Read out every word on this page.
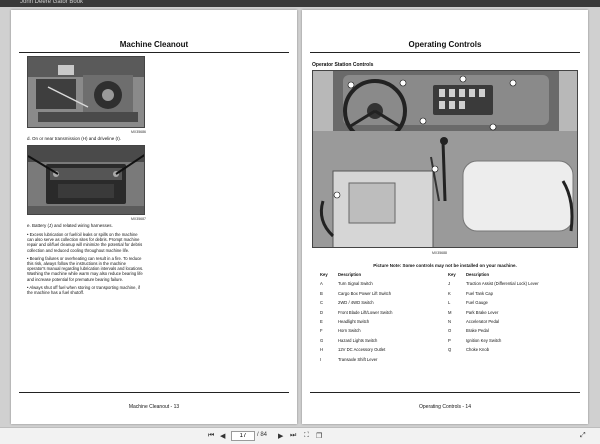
John Deere Gator Book
Machine Cleanout
MX35686
d. On or near transmission (H) and driveline (I).
MX35687
e. Battery (J) and related wiring harnesses.

• Excess lubrication or fuel/oil leaks or spills on the machine can also serve as collection sites for debris. Prompt machine repair and oil/fuel cleanup will minimize the potential for debris collection and reduced cooling throughout machine life.

• Bearing failures or overheating can result in a fire. To reduce this risk, always follow the instructions in the machine operator's manual regarding lubrication intervals and locations. Washing the machine while warm may also reduce bearing life and increase potential for premature bearing failure.

• Always shut off fuel when storing or transporting machine, if the machine has a fuel shutoff.

Machine Cleanout - 13
Operating Controls
Operator Station Controls
MX35688
Picture Note: Some controls may not be installed on your machine.
Key Description
A	Turn Signal Switch
B	Cargo Box Power Lift Switch
C	2WD / 4WD Switch
D	Front Blade Lift/Lower Switch
E	Headlight Switch
F	Horn Switch
G	Hazard Lights Switch
H	12V DC Accessory Outlet
I	Transaxle Shift Lever
Key Description
J	Traction Assist (Differential Lock) Lever
K	Fuel Tank Cap
L	Fuel Gauge
M	Park Brake Lever
N	Accelerator Pedal
O	Brake Pedal
P	Ignition Key Switch
Q	Choke Knob
Operating Controls - 14
⏮ ◀
17	/ 84 ▶ ⏭ ⛶ ❐	⤢
